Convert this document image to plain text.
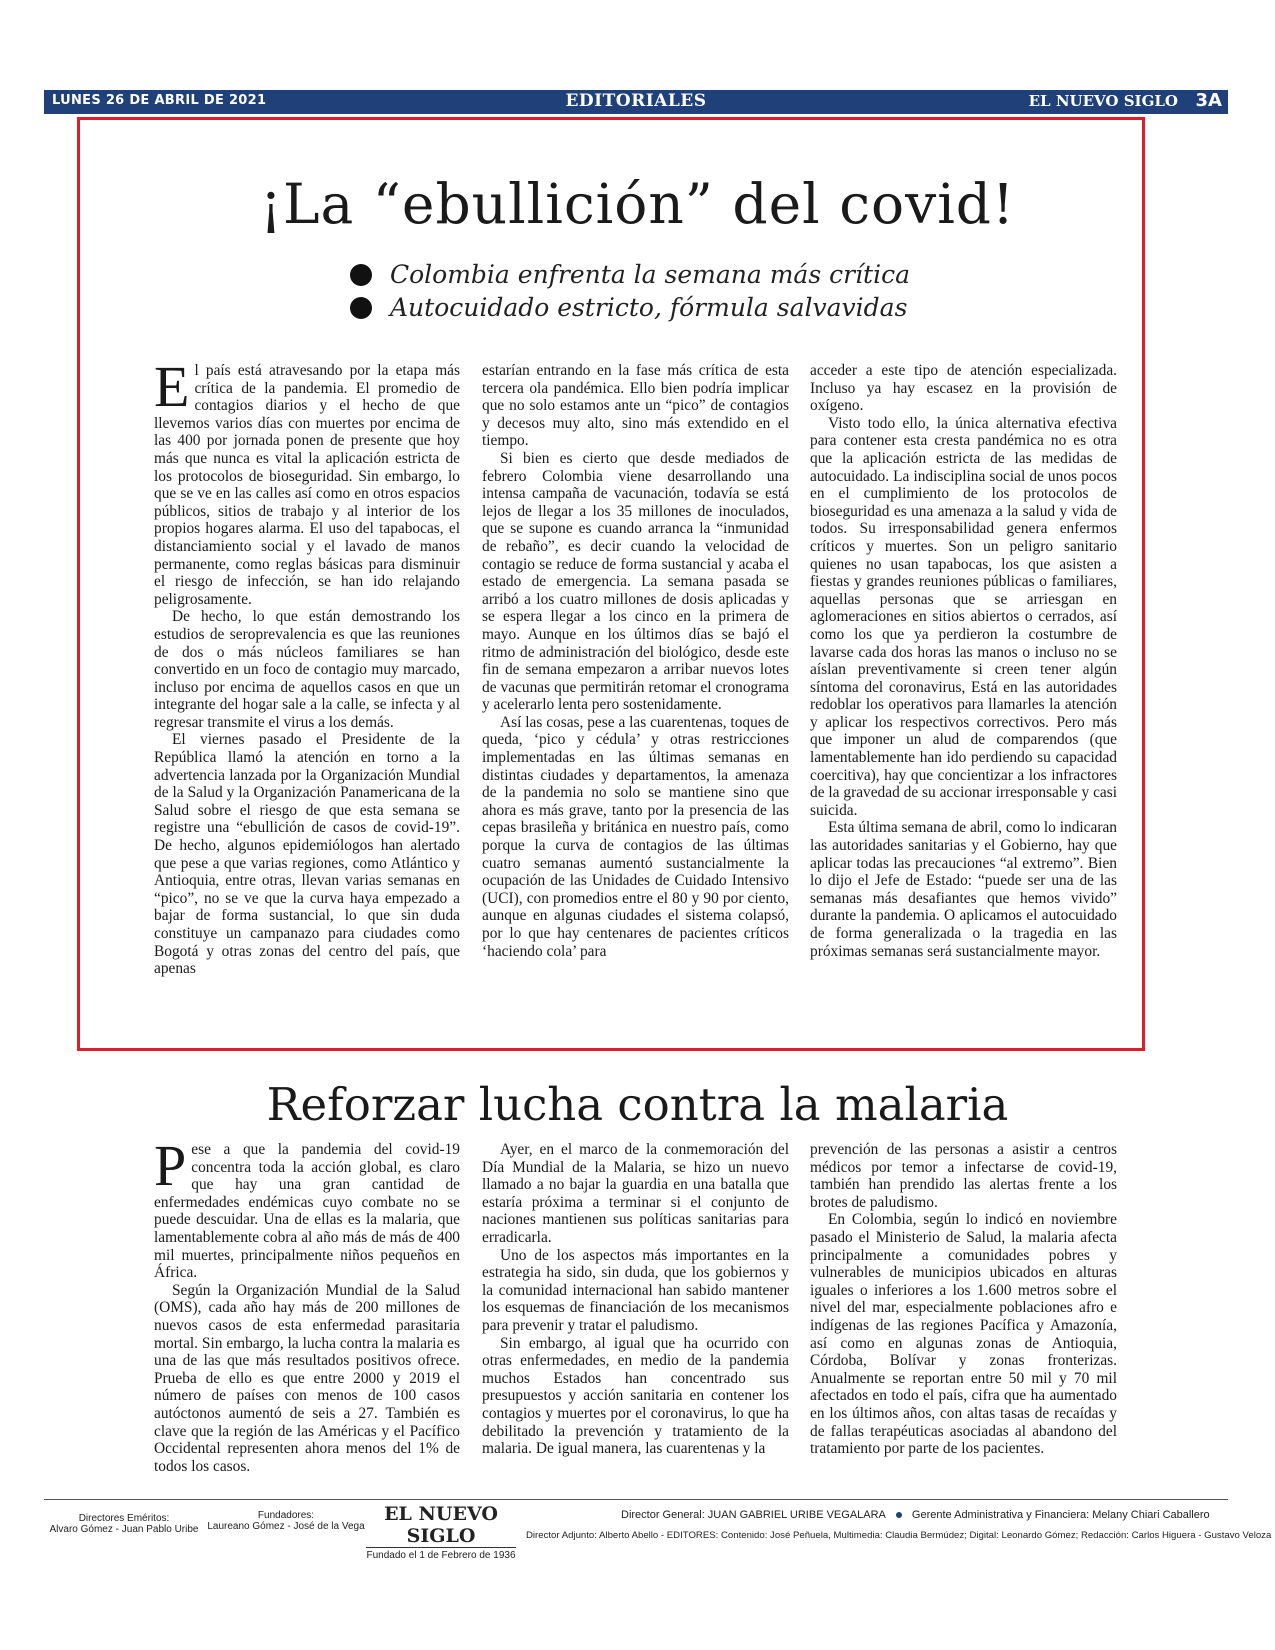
LUNES 26 DE ABRIL DE 2021	EDITORIALES	EL NUEVO SIGLO 3A
¡La “ebullición” del covid!
Colombia enfrenta la semana más crítica
Autocuidado estricto, fórmula salvavidas

El país está atravesando por la etapa más crítica de la pandemia. El promedio de contagios diarios y el hecho de que llevemos varios días con muertes por encima de las 400 por jornada ponen de presente que hoy más que nunca es vital la aplicación estricta de los protocolos de bioseguridad. Sin embargo, lo que se ve en las calles así como en otros espacios públicos, sitios de trabajo y al interior de los propios hogares alarma. El uso del tapabocas, el distanciamiento social y el lavado de manos permanente, como reglas básicas para disminuir el riesgo de infección, se han ido relajando peligrosamente.

De hecho, lo que están demostrando los estudios de seroprevalencia es que las reuniones de dos o más núcleos familiares se han convertido en un foco de contagio muy marcado, incluso por encima de aquellos casos en que un integrante del hogar sale a la calle, se infecta y al regresar transmite el virus a los demás.

El viernes pasado el Presidente de la República llamó la atención en torno a la advertencia lanzada por la Organización Mundial de la Salud y la Organización Panamericana de la Salud sobre el riesgo de que esta semana se registre una “ebullición de casos de covid-19”. De hecho, algunos epidemiólogos han alertado que pese a que varias regiones, como Atlántico y Antioquia, entre otras, llevan varias semanas en “pico”, no se ve que la curva haya empezado a bajar de forma sustancial, lo que sin duda constituye un campanazo para ciudades como Bogotá y otras zonas del centro del país, que apenas

estarían entrando en la fase más crítica de esta tercera ola pandémica. Ello bien podría implicar que no solo estamos ante un “pico” de contagios y decesos muy alto, sino más extendido en el tiempo.

Si bien es cierto que desde mediados de febrero Colombia viene desarrollando una intensa campaña de vacunación, todavía se está lejos de llegar a los 35 millones de inoculados, que se supone es cuando arranca la “inmunidad de rebaño”, es decir cuando la velocidad de contagio se reduce de forma sustancial y acaba el estado de emergencia. La semana pasada se arribó a los cuatro millones de dosis aplicadas y se espera llegar a los cinco en la primera de mayo. Aunque en los últimos días se bajó el ritmo de administración del biológico, desde este fin de semana empezaron a arribar nuevos lotes de vacunas que permitirán retomar el cronograma y acelerarlo lenta pero sostenidamente.

Así las cosas, pese a las cuarentenas, toques de queda, ‘pico y cédula’ y otras restricciones implementadas en las últimas semanas en distintas ciudades y departamentos, la amenaza de la pandemia no solo se mantiene sino que ahora es más grave, tanto por la presencia de las cepas brasileña y británica en nuestro país, como porque la curva de contagios de las últimas cuatro semanas aumentó sustancialmente la ocupación de las Unidades de Cuidado Intensivo (UCI), con promedios entre el 80 y 90 por ciento, aunque en algunas ciudades el sistema colapsó, por lo que hay centenares de pacientes críticos ‘haciendo cola’ para

acceder a este tipo de atención especializada. Incluso ya hay escasez en la provisión de oxígeno.

Visto todo ello, la única alternativa efectiva para contener esta cresta pandémica no es otra que la aplicación estricta de las medidas de autocuidado. La indisciplina social de unos pocos en el cumplimiento de los protocolos de bioseguridad es una amenaza a la salud y vida de todos. Su irresponsabilidad genera enfermos críticos y muertes. Son un peligro sanitario quienes no usan tapabocas, los que asisten a fiestas y grandes reuniones públicas o familiares, aquellas personas que se arriesgan en aglomeraciones en sitios abiertos o cerrados, así como los que ya perdieron la costumbre de lavarse cada dos horas las manos o incluso no se aíslan preventivamente si creen tener algún síntoma del coronavirus, Está en las autoridades redoblar los operativos para llamarles la atención y aplicar los respectivos correctivos. Pero más que imponer un alud de comparendos (que lamentablemente han ido perdiendo su capacidad coercitiva), hay que concientizar a los infractores de la gravedad de su accionar irresponsable y casi suicida.

Esta última semana de abril, como lo indicaran las autoridades sanitarias y el Gobierno, hay que aplicar todas las precauciones “al extremo”. Bien lo dijo el Jefe de Estado: “puede ser una de las semanas más desafiantes que hemos vivido” durante la pandemia. O aplicamos el autocuidado de forma generalizada o la tragedia en las próximas semanas será sustancialmente mayor.

Reforzar lucha contra la malaria

Pese a que la pandemia del covid-19 concentra toda la acción global, es claro que hay una gran cantidad de enfermedades endémicas cuyo combate no se puede descuidar. Una de ellas es la malaria, que lamentablemente cobra al año más de más de 400 mil muertes, principalmente niños pequeños en África.

Según la Organización Mundial de la Salud (OMS), cada año hay más de 200 millones de nuevos casos de esta enfermedad parasitaria mortal. Sin embargo, la lucha contra la malaria es una de las que más resultados positivos ofrece. Prueba de ello es que entre 2000 y 2019 el número de países con menos de 100 casos autóctonos aumentó de seis a 27. También es clave que la región de las Américas y el Pacífico Occidental representen ahora menos del 1% de todos los casos.

Ayer, en el marco de la conmemoración del Día Mundial de la Malaria, se hizo un nuevo llamado a no bajar la guardia en una batalla que estaría próxima a terminar si el conjunto de naciones mantienen sus políticas sanitarias para erradicarla.

Uno de los aspectos más importantes en la estrategia ha sido, sin duda, que los gobiernos y la comunidad internacional han sabido mantener los esquemas de financiación de los mecanismos para prevenir y tratar el paludismo.

Sin embargo, al igual que ha ocurrido con otras enfermedades, en medio de la pandemia muchos Estados han concentrado sus presupuestos y acción sanitaria en contener los contagios y muertes por el coronavirus, lo que ha debilitado la prevención y tratamiento de la malaria. De igual manera, las cuarentenas y la

prevención de las personas a asistir a centros médicos por temor a infectarse de covid-19, también han prendido las alertas frente a los brotes de paludismo.

En Colombia, según lo indicó en noviembre pasado el Ministerio de Salud, la malaria afecta principalmente a comunidades pobres y vulnerables de municipios ubicados en alturas iguales o inferiores a los 1.600 metros sobre el nivel del mar, especialmente poblaciones afro e indígenas de las regiones Pacífica y Amazonía, así como en algunas zonas de Antioquia, Córdoba, Bolívar y zonas fronterizas. Anualmente se reportan entre 50 mil y 70 mil afectados en todo el país, cifra que ha aumentado en los últimos años, con altas tasas de recaídas y de fallas terapéuticas asociadas al abandono del tratamiento por parte de los pacientes.

Directores Eméritos:
Alvaro Gómez - Juan Pablo Uribe
Fundadores:
Laureano Gómez - José de la Vega
EL NUEVO SIGLO
Fundado el 1 de Febrero de 1936
Director General: JUAN GABRIEL URIBE VEGALARA Gerente Administrativa y Financiera: Melany Chiari Caballero
Director Adjunto: Alberto Abello - EDITORES: Contenido: José Peñuela, Multimedia: Claudia Bermúdez; Digital: Leonardo Gómez; Redacción: Carlos Higuera - Gustavo Veloza
